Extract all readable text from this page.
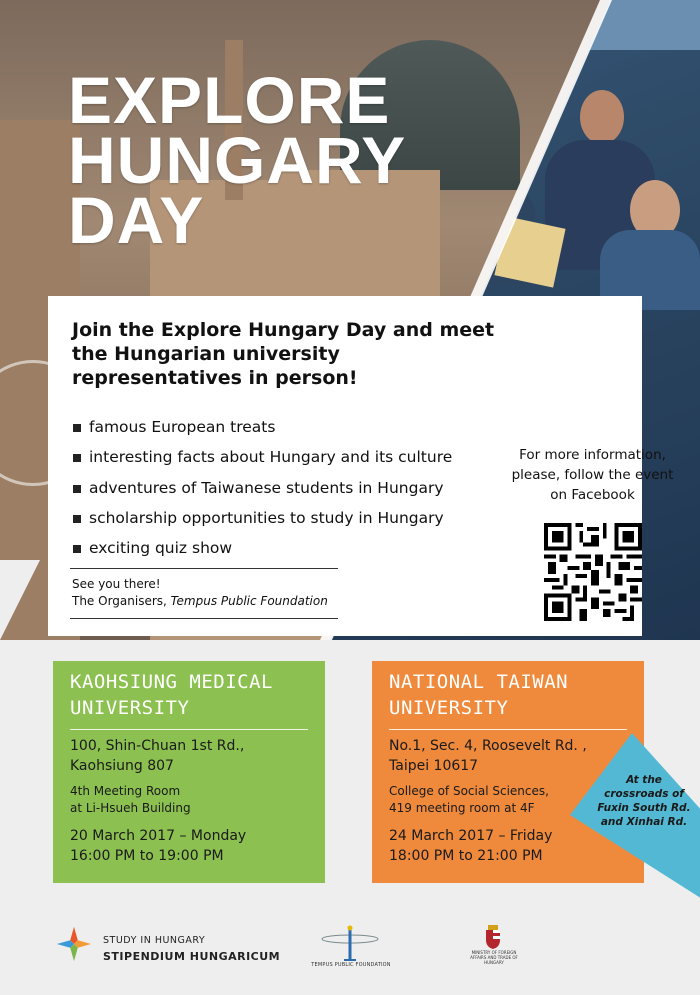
EXPLORE
HUNGARY
DAY
Join the Explore Hungary Day and meet the Hungarian university representatives in person!
famous European treats
interesting facts about Hungary and its culture
adventures of Taiwanese students in Hungary
scholarship opportunities to study in Hungary
exciting quiz show
See you there!
The Organisers, Tempus Public Foundation
For more information, please, follow the event on Facebook
KAOHSIUNG MEDICAL
UNIVERSITY
100, Shin-Chuan 1st Rd.,
Kaohsiung 807
4th Meeting Room
at Li-Hsueh Building
20 March 2017 – Monday
16:00 PM to 19:00 PM
NATIONAL TAIWAN
UNIVERSITY
No.1, Sec. 4, Roosevelt Rd. ,
Taipei 10617
College of Social Sciences,
419 meeting room at 4F
24 March 2017 – Friday
18:00 PM to 21:00 PM
At the crossroads of Fuxin South Rd. and Xinhai Rd.
STUDY IN HUNGARY
STIPENDIUM HUNGARICUM
TEMPUS PUBLIC FOUNDATION
MINISTRY OF FOREIGN AFFAIRS AND TRADE OF HUNGARY
